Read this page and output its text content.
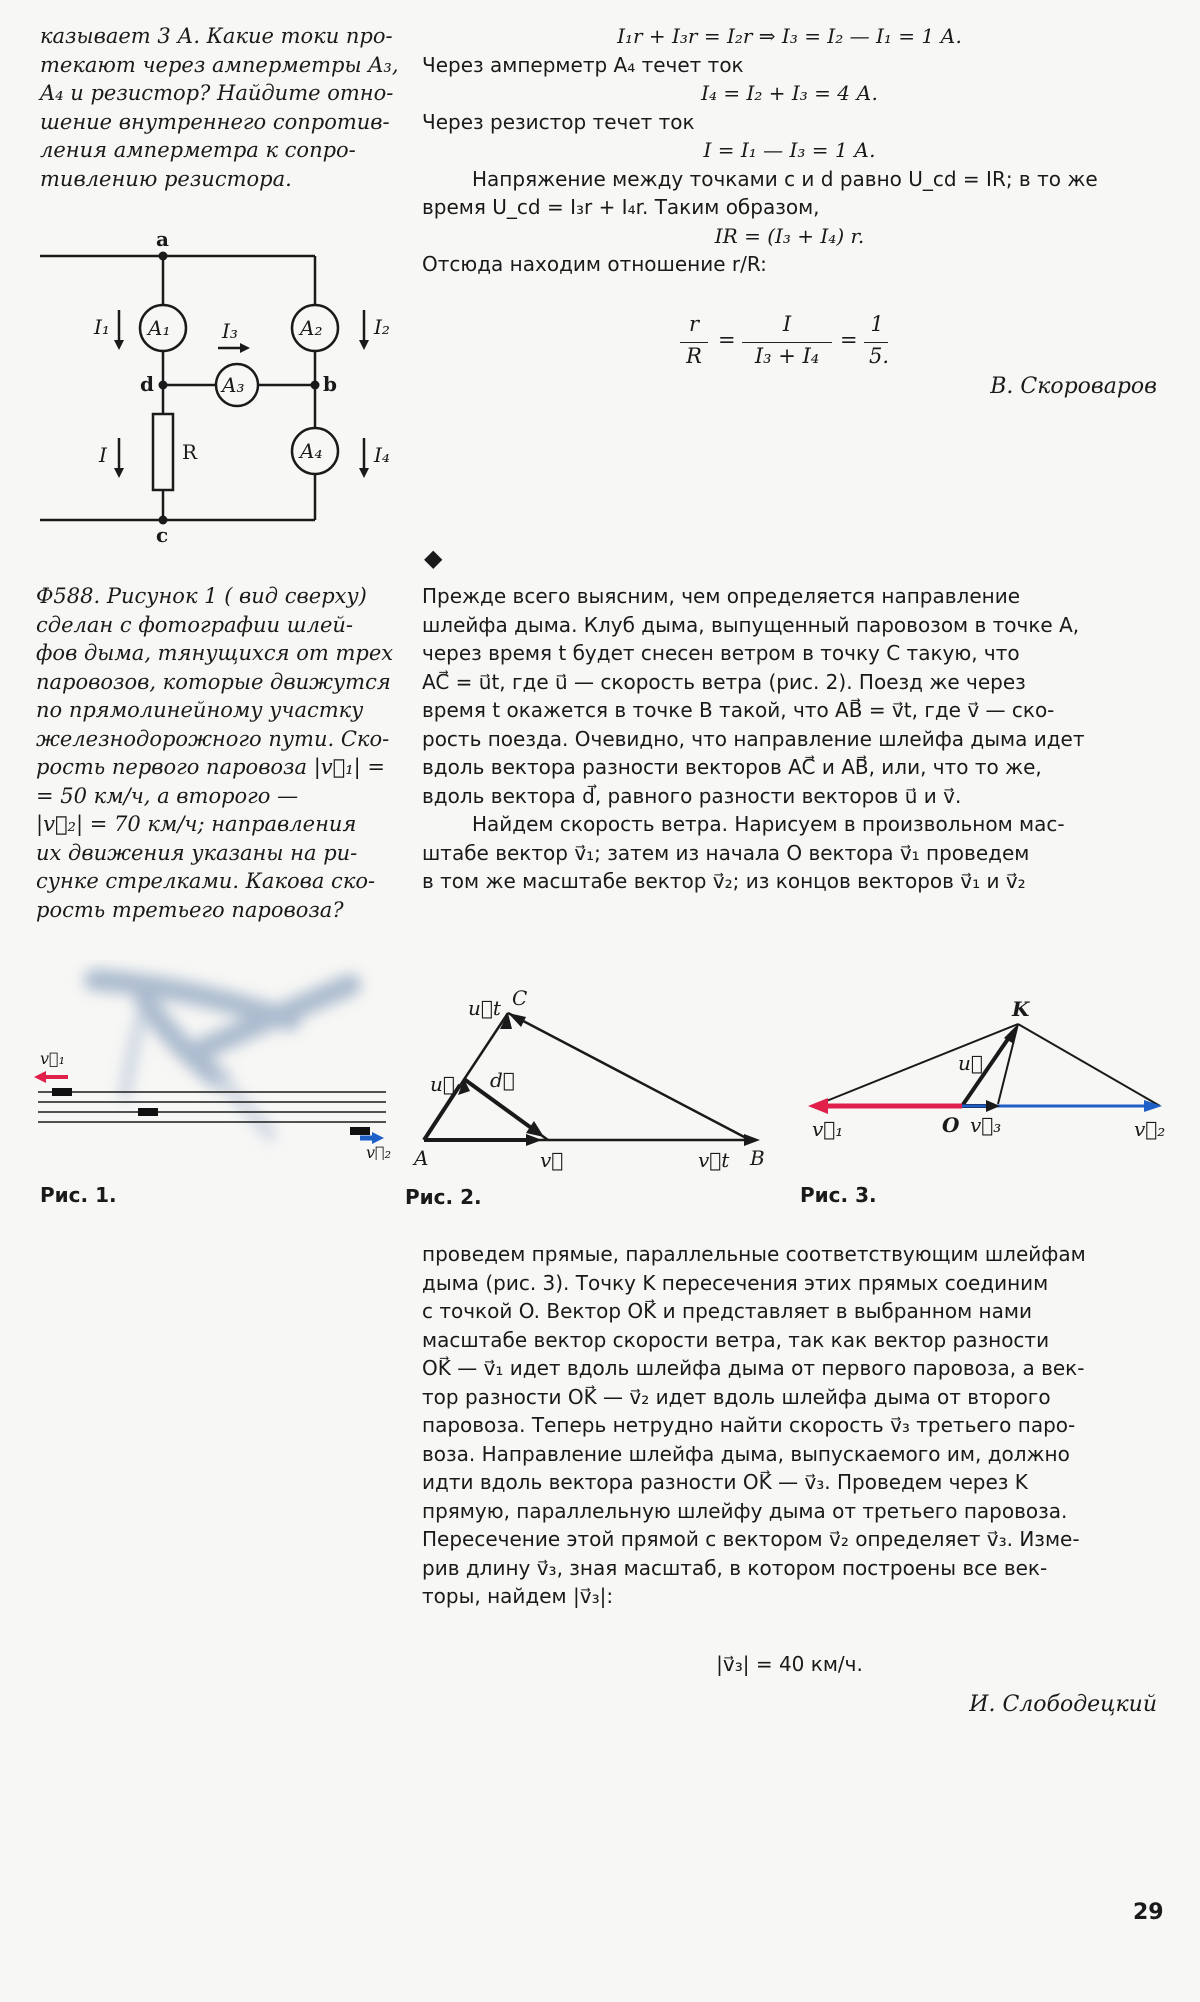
казывает 3 А. Какие токи про-
текают через амперметры A₃,
A₄ и резистор? Найдите отно-
шение внутреннего сопротив-
ления амперметра к сопро-
тивлению резистора.
I₁r + I₃r = I₂r ⇒ I₃ = I₂ — I₁ = 1 А.
Через амперметр A₄ течет ток
I₄ = I₂ + I₃ = 4 А.
Через резистор течет ток
I = I₁ — I₃ = 1 А.
Напряжение между точками c и d равно U_cd = IR; в то же
время U_cd = I₃r + I₄r. Таким образом,
IR = (I₃ + I₄) r.
Отсюда находим отношение r/R:
r
R
=
I
I₃ + I₄
=
1
5.
В. Скороваров
a
d	b
c
A₁	A₂
A₃
A₄
R
I₁	I₂
I₃
I₄
I
◆
Ф588. Рисунок 1 ( вид сверху)
сделан с фотографии шлей-
фов дыма, тянущихся от трех
паровозов, которые движутся
по прямолинейному участку
железнодорожного пути. Ско-
рость первого паровоза |v⃗₁| =
= 50 км/ч, а второго —
|v⃗₂| = 70 км/ч; направления
их движения указаны на ри-
сунке стрелками. Какова ско-
рость третьего паровоза?
Прежде всего выясним, чем определяется направление
шлейфа дыма. Клуб дыма, выпущенный паровозом в точке A,
через время t будет снесен ветром в точку C такую, что
AC⃗ = u⃗t, где u⃗ — скорость ветра (рис. 2). Поезд же через
время t окажется в точке B такой, что AB⃗ = v⃗t, где v⃗ — ско-
рость поезда. Очевидно, что направление шлейфа дыма идет
вдоль вектора разности векторов AC⃗ и AB⃗, или, что то же,
вдоль вектора d⃗, равного разности векторов u⃗ и v⃗.
Найдем скорость ветра. Нарисуем в произвольном мас-
штабе вектор v⃗₁; затем из начала O вектора v⃗₁ проведем
в том же масштабе вектор v⃗₂; из концов векторов v⃗₁ и v⃗₂
v⃗₁
v⃗₂
u⃗t C
u⃗ d⃗
A	v⃗	v⃗t B
K
u⃗
v⃗₁	O v⃗₃	v⃗₂
Рис. 1.	Рис. 2.	Рис. 3.
проведем прямые, параллельные соответствующим шлейфам
дыма (рис. 3). Точку K пересечения этих прямых соединим
с точкой O. Вектор OK⃗ и представляет в выбранном нами
масштабе вектор скорости ветра, так как вектор разности
OK⃗ — v⃗₁ идет вдоль шлейфа дыма от первого паровоза, а век-
тор разности OK⃗ — v⃗₂ идет вдоль шлейфа дыма от второго
паровоза. Теперь нетрудно найти скорость v⃗₃ третьего паро-
воза. Направление шлейфа дыма, выпускаемого им, должно
идти вдоль вектора разности OK⃗ — v⃗₃. Проведем через K
прямую, параллельную шлейфу дыма от третьего паровоза.
Пересечение этой прямой с вектором v⃗₂ определяет v⃗₃. Изме-
рив длину v⃗₃, зная масштаб, в котором построены все век-
торы, найдем |v⃗₃|:
|v⃗₃| = 40 км/ч.
И. Слободецкий
29
